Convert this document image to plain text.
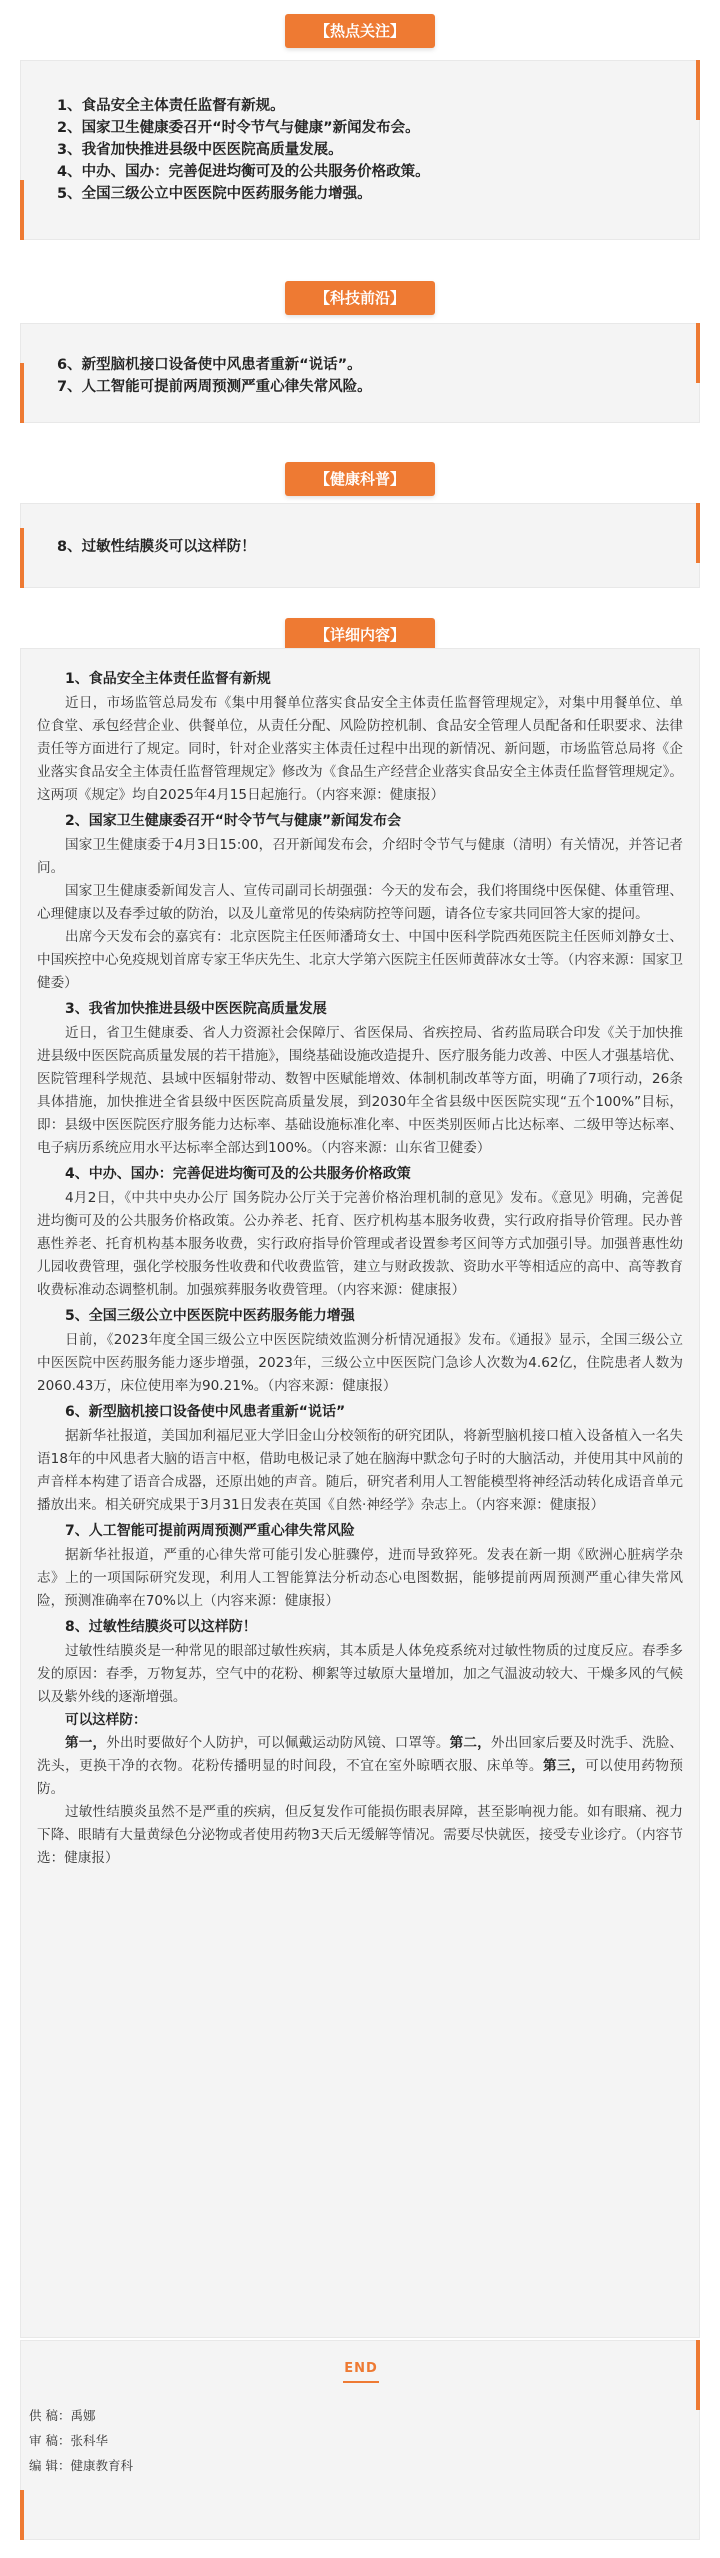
【热点关注】
1、食品安全主体责任监督有新规。
2、国家卫生健康委召开“时令节气与健康”新闻发布会。
3、我省加快推进县级中医医院高质量发展。
4、中办、国办：完善促进均衡可及的公共服务价格政策。
5、全国三级公立中医医院中医药服务能力增强。
【科技前沿】
6、新型脑机接口设备使中风患者重新“说话”。
7、人工智能可提前两周预测严重心律失常风险。
【健康科普】
8、过敏性结膜炎可以这样防！
【详细内容】
1、食品安全主体责任监督有新规

近日，市场监管总局发布《集中用餐单位落实食品安全主体责任监督管理规定》，对集中用餐单位、单位食堂、承包经营企业、供餐单位，从责任分配、风险防控机制、食品安全管理人员配备和任职要求、法律责任等方面进行了规定。同时，针对企业落实主体责任过程中出现的新情况、新问题，市场监管总局将《企业落实食品安全主体责任监督管理规定》修改为《食品生产经营企业落实食品安全主体责任监督管理规定》。这两项《规定》均自2025年4月15日起施行。（内容来源：健康报）

2、国家卫生健康委召开“时令节气与健康”新闻发布会

国家卫生健康委于4月3日15:00，召开新闻发布会，介绍时令节气与健康（清明）有关情况，并答记者问。

国家卫生健康委新闻发言人、宣传司副司长胡强强：今天的发布会，我们将围绕中医保健、体重管理、心理健康以及春季过敏的防治，以及儿童常见的传染病防控等问题，请各位专家共同回答大家的提问。

出席今天发布会的嘉宾有：北京医院主任医师潘琦女士、中国中医科学院西苑医院主任医师刘静女士、中国疾控中心免疫规划首席专家王华庆先生、北京大学第六医院主任医师黄薛冰女士等。（内容来源：国家卫健委）

3、我省加快推进县级中医医院高质量发展

近日，省卫生健康委、省人力资源社会保障厅、省医保局、省疾控局、省药监局联合印发《关于加快推进县级中医医院高质量发展的若干措施》，围绕基础设施改造提升、医疗服务能力改善、中医人才强基培优、医院管理科学规范、县域中医辐射带动、数智中医赋能增效、体制机制改革等方面，明确了7项行动，26条具体措施，加快推进全省县级中医医院高质量发展，到2030年全省县级中医医院实现“五个100%”目标，即：县级中医医院医疗服务能力达标率、基础设施标准化率、中医类别医师占比达标率、二级甲等达标率、电子病历系统应用水平达标率全部达到100%。（内容来源：山东省卫健委）

4、中办、国办：完善促进均衡可及的公共服务价格政策

4月2日，《中共中央办公厅 国务院办公厅关于完善价格治理机制的意见》发布。《意见》明确，完善促进均衡可及的公共服务价格政策。公办养老、托育、医疗机构基本服务收费，实行政府指导价管理。民办普惠性养老、托育机构基本服务收费，实行政府指导价管理或者设置参考区间等方式加强引导。加强普惠性幼儿园收费管理，强化学校服务性收费和代收费监管，建立与财政拨款、资助水平等相适应的高中、高等教育收费标准动态调整机制。加强殡葬服务收费管理。（内容来源：健康报）

5、全国三级公立中医医院中医药服务能力增强

日前，《2023年度全国三级公立中医医院绩效监测分析情况通报》发布。《通报》显示，全国三级公立中医医院中医药服务能力逐步增强，2023年，三级公立中医医院门急诊人次数为4.62亿，住院患者人数为2060.43万，床位使用率为90.21%。（内容来源：健康报）

6、新型脑机接口设备使中风患者重新“说话”

据新华社报道，美国加利福尼亚大学旧金山分校领衔的研究团队，将新型脑机接口植入设备植入一名失语18年的中风患者大脑的语言中枢，借助电极记录了她在脑海中默念句子时的大脑活动，并使用其中风前的声音样本构建了语音合成器，还原出她的声音。随后，研究者利用人工智能模型将神经活动转化成语音单元播放出来。相关研究成果于3月31日发表在英国《自然·神经学》杂志上。（内容来源：健康报）

7、人工智能可提前两周预测严重心律失常风险

据新华社报道，严重的心律失常可能引发心脏骤停，进而导致猝死。发表在新一期《欧洲心脏病学杂志》上的一项国际研究发现，利用人工智能算法分析动态心电图数据，能够提前两周预测严重心律失常风险，预测准确率在70%以上（内容来源：健康报）

8、过敏性结膜炎可以这样防！

过敏性结膜炎是一种常见的眼部过敏性疾病，其本质是人体免疫系统对过敏性物质的过度反应。春季多发的原因：春季，万物复苏，空气中的花粉、柳絮等过敏原大量增加，加之气温波动较大、干燥多风的气候以及紫外线的逐渐增强。

可以这样防：

第一，外出时要做好个人防护，可以佩戴运动防风镜、口罩等。第二，外出回家后要及时洗手、洗脸、洗头，更换干净的衣物。花粉传播明显的时间段，不宜在室外晾晒衣服、床单等。第三，可以使用药物预防。

过敏性结膜炎虽然不是严重的疾病，但反复发作可能损伤眼表屏障，甚至影响视力能。如有眼痛、视力下降、眼睛有大量黄绿色分泌物或者使用药物3天后无缓解等情况。需要尽快就医，接受专业诊疗。（内容节选：健康报）

END
供 稿：禹娜
审 稿：张科华
编 辑：健康教育科
